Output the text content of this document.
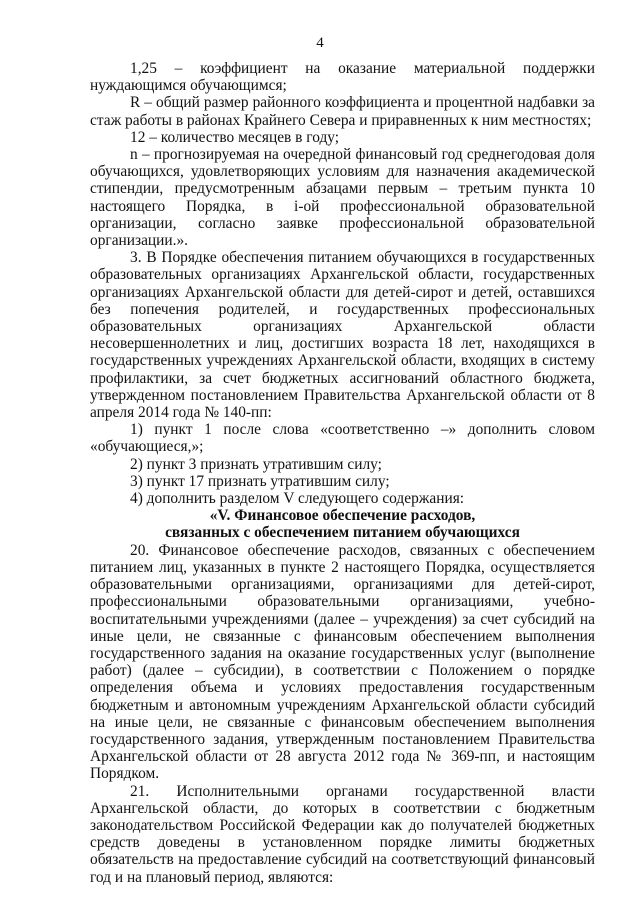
4

1,25 – коэффициент на оказание материальной поддержки нуждающимся обучающимся;

R – общий размер районного коэффициента и процентной надбавки за стаж работы в районах Крайнего Севера и приравненных к ним местностях;

12 – количество месяцев в году;

n – прогнозируемая на очередной финансовый год среднегодовая доля обучающихся, удовлетворяющих условиям для назначения академической стипендии, предусмотренным абзацами первым – третьим пункта 10 настоящего Порядка, в i-ой профессиональной образовательной организации, согласно заявке профессиональной образовательной организации.».

3. В Порядке обеспечения питанием обучающихся в государственных образовательных организациях Архангельской области, государственных организациях Архангельской области для детей-сирот и детей, оставшихся без попечения родителей, и государственных профессиональных образовательных организациях Архангельской области несовершеннолетних и лиц, достигших возраста 18 лет, находящихся в государственных учреждениях Архангельской области, входящих в систему профилактики, за счет бюджетных ассигнований областного бюджета, утвержденном постановлением Правительства Архангельской области от 8 апреля 2014 года № 140-пп:

1) пункт 1 после слова «соответственно –» дополнить словом «обучающиеся,»;

2) пункт 3 признать утратившим силу;

3) пункт 17 признать утратившим силу;

4) дополнить разделом V следующего содержания:

«V. Финансовое обеспечение расходов,
связанных с обеспечением питанием обучающихся

20. Финансовое обеспечение расходов, связанных с обеспечением питанием лиц, указанных в пункте 2 настоящего Порядка, осуществляется образовательными организациями, организациями для детей-сирот, профессиональными образовательными организациями, учебно-воспитательными учреждениями (далее – учреждения) за счет субсидий на иные цели, не связанные с финансовым обеспечением выполнения государственного задания на оказание государственных услуг (выполнение работ) (далее – субсидии), в соответствии с Положением о порядке определения объема и условиях предоставления государственным бюджетным и автономным учреждениям Архангельской области субсидий на иные цели, не связанные с финансовым обеспечением выполнения государственного задания, утвержденным постановлением Правительства Архангельской области от 28 августа 2012 года № 369-пп, и настоящим Порядком.

21. Исполнительными органами государственной власти Архангельской области, до которых в соответствии с бюджетным законодательством Российской Федерации как до получателей бюджетных средств доведены в установленном порядке лимиты бюджетных обязательств на предоставление субсидий на соответствующий финансовый год и на плановый период, являются:
